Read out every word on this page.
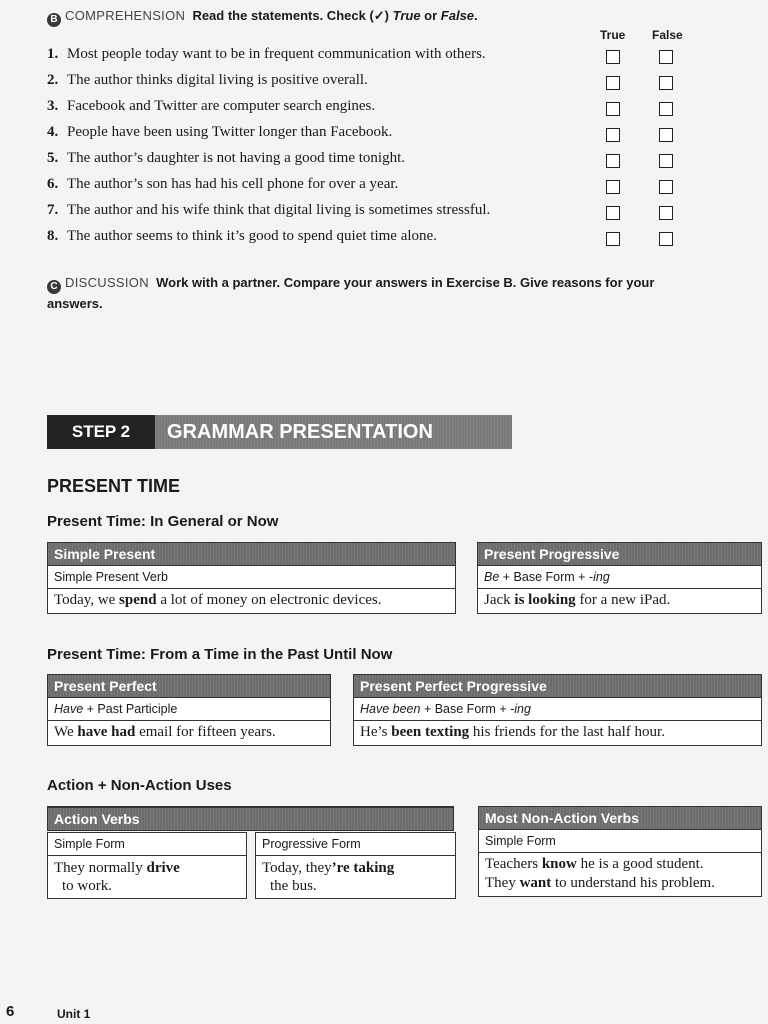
B COMPREHENSION Read the statements. Check (✓) True or False.
True False
1. Most people today want to be in frequent communication with others.
2. The author thinks digital living is positive overall.
3. Facebook and Twitter are computer search engines.
4. People have been using Twitter longer than Facebook.
5. The author’s daughter is not having a good time tonight.
6. The author’s son has had his cell phone for over a year.
7. The author and his wife think that digital living is sometimes stressful.
8. The author seems to think it’s good to spend quiet time alone.
C DISCUSSION Work with a partner. Compare your answers in Exercise B. Give reasons for your answers.
STEP 2	GRAMMAR PRESENTATION
PRESENT TIME
Present Time: In General or Now
Simple Present
Simple Present Verb
Today, we spend a lot of money on electronic devices.
Present Progressive
Be + Base Form + -ing
Jack is looking for a new iPad.
Present Time: From a Time in the Past Until Now
Present Perfect
Have + Past Participle
We have had email for fifteen years.
Present Perfect Progressive
Have been + Base Form + -ing
He’s been texting his friends for the last half hour.
Action + Non-Action Uses
Action Verbs
Simple Form
They normally drive
to work.
Progressive Form
Today, they’re taking
the bus.
Most Non-Action Verbs
Simple Form
Teachers know he is a good student.
They want to understand his problem.
6	Unit 1
